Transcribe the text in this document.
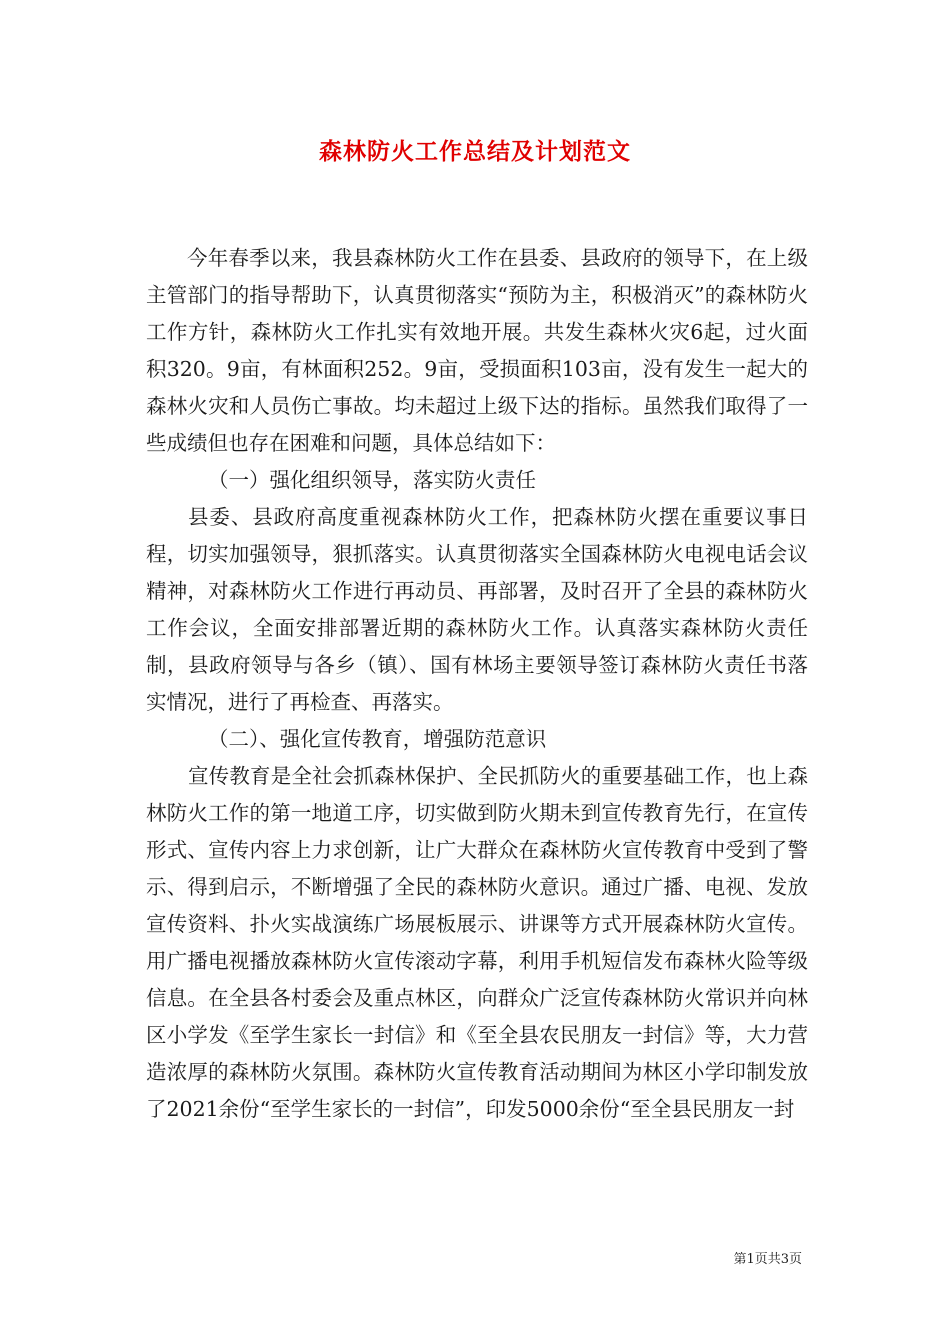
森林防火工作总结及计划范文

今年春季以来，我县森林防火工作在县委、县政府的领导下，在上级主管部门的指导帮助下，认真贯彻落实“预防为主，积极消灭”的森林防火工作方针，森林防火工作扎实有效地开展。共发生森林火灾6起，过火面积320。9亩，有林面积252。9亩，受损面积103亩，没有发生一起大的森林火灾和人员伤亡事故。均未超过上级下达的指标。虽然我们取得了一些成绩但也存在困难和问题，具体总结如下：

（一）强化组织领导，落实防火责任

县委、县政府高度重视森林防火工作，把森林防火摆在重要议事日程，切实加强领导，狠抓落实。认真贯彻落实全国森林防火电视电话会议精神，对森林防火工作进行再动员、再部署，及时召开了全县的森林防火工作会议，全面安排部署近期的森林防火工作。认真落实森林防火责任制，县政府领导与各乡（镇）、国有林场主要领导签订森林防火责任书落实情况，进行了再检查、再落实。

（二）、强化宣传教育，增强防范意识

宣传教育是全社会抓森林保护、全民抓防火的重要基础工作，也上森林防火工作的第一地道工序，切实做到防火期未到宣传教育先行，在宣传形式、宣传内容上力求创新，让广大群众在森林防火宣传教育中受到了警示、得到启示，不断增强了全民的森林防火意识。通过广播、电视、发放宣传资料、扑火实战演练广场展板展示、讲课等方式开展森林防火宣传。用广播电视播放森林防火宣传滚动字幕，利用手机短信发布森林火险等级信息。在全县各村委会及重点林区，向群众广泛宣传森林防火常识并向林区小学发《至学生家长一封信》和《至全县农民朋友一封信》等，大力营造浓厚的森林防火氛围。森林防火宣传教育活动期间为林区小学印制发放了2021余份“至学生家长的一封信”，印发5000余份“至全县民朋友一封

第1页共3页
